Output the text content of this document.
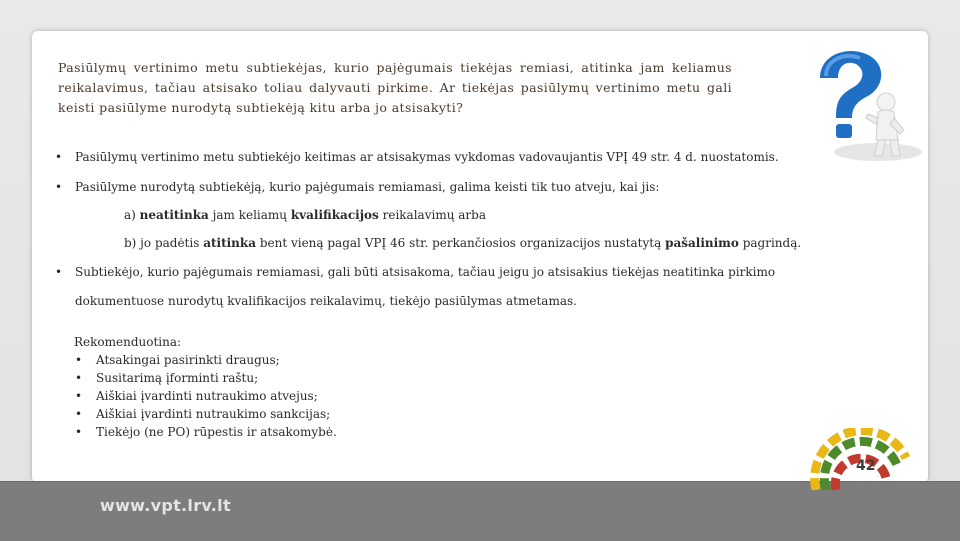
Pasiūlymų vertinimo metu subtiekėjas, kurio pajėgumais tiekėjas remiasi, atitinka jam keliamus reikalavimus, tačiau atsisako toliau dalyvauti pirkime. Ar tiekėjas pasiūlymų vertinimo metu gali keisti pasiūlyme nurodytą subtiekėją kitu arba jo atsisakyti?

• Pasiūlymų vertinimo metu subtiekėjo keitimas ar atsisakymas vykdomas vadovaujantis VPĮ 49 str. 4 d. nuostatomis.
• Pasiūlyme nurodytą subtiekėją, kurio pajėgumais remiamasi, galima keisti tik tuo atveju, kai jis:
a) neatitinka jam keliamų kvalifikacijos reikalavimų arba
b) jo padėtis atitinka bent vieną pagal VPĮ 46 str. perkančiosios organizacijos nustatytą pašalinimo pagrindą.
• Subtiekėjo, kurio pajėgumais remiamasi, gali būti atsisakoma, tačiau jeigu jo atsisakius tiekėjas neatitinka pirkimo
dokumentuose nurodytų kvalifikacijos reikalavimų, tiekėjo pasiūlymas atmetamas.
Rekomenduotina:
• Atsakingai pasirinkti draugus;
• Susitarimą įforminti raštu;
• Aiškiai įvardinti nutraukimo atvejus;
• Aiškiai įvardinti nutraukimo sankcijas;
• Tiekėjo (ne PO) rūpestis ir atsakomybė.
www.vpt.lrv.lt
42
